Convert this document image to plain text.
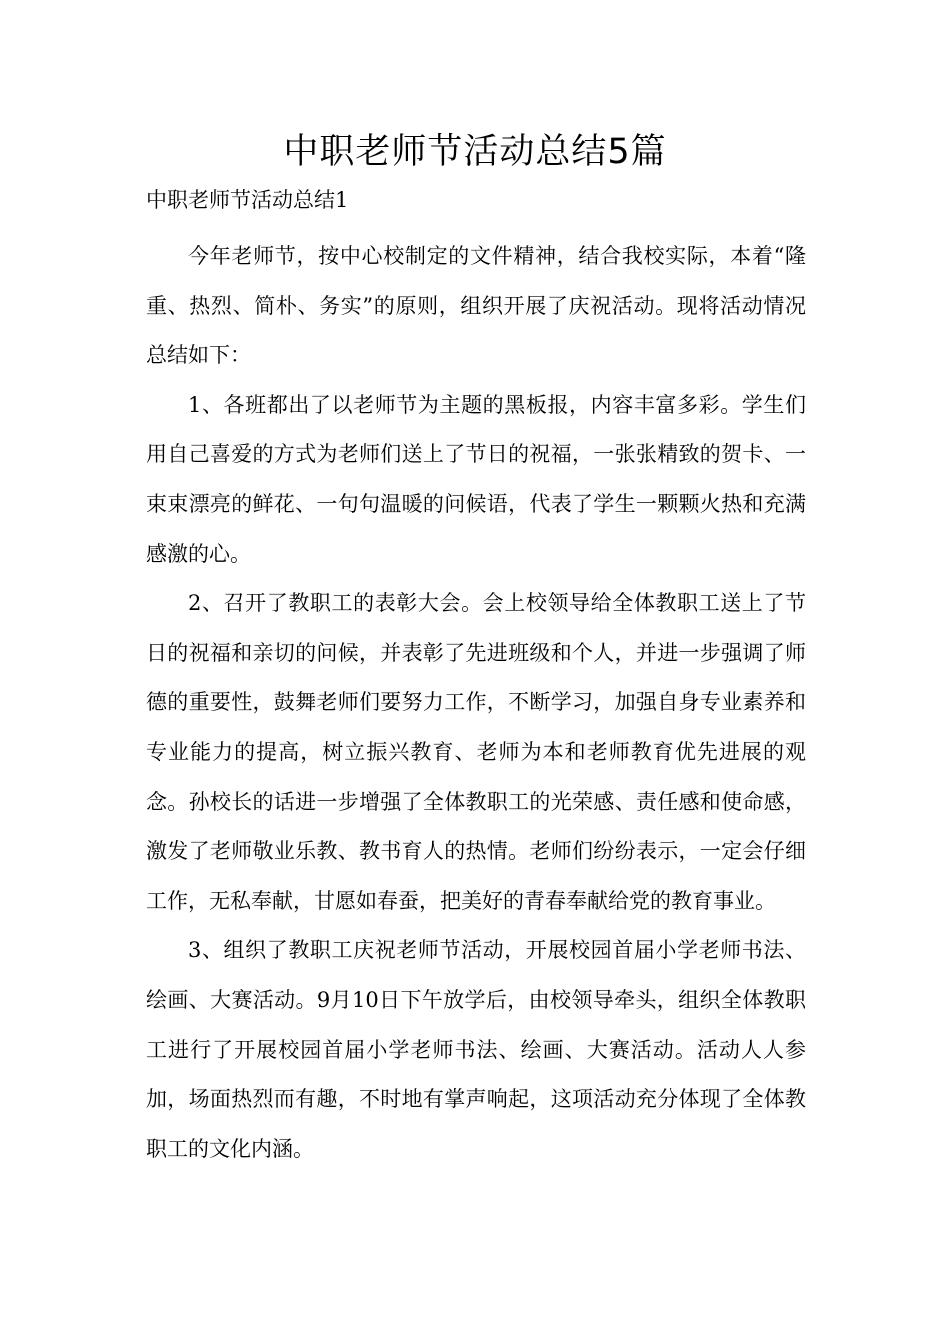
中职老师节活动总结5篇

中职老师节活动总结1

今年老师节，按中心校制定的文件精神，结合我校实际，本着“隆重、热烈、简朴、务实”的原则，组织开展了庆祝活动。现将活动情况总结如下：

1、各班都出了以老师节为主题的黑板报，内容丰富多彩。学生们用自己喜爱的方式为老师们送上了节日的祝福，一张张精致的贺卡、一束束漂亮的鲜花、一句句温暖的问候语，代表了学生一颗颗火热和充满感激的心。

2、召开了教职工的表彰大会。会上校领导给全体教职工送上了节日的祝福和亲切的问候，并表彰了先进班级和个人，并进一步强调了师德的重要性，鼓舞老师们要努力工作，不断学习，加强自身专业素养和专业能力的提高，树立振兴教育、老师为本和老师教育优先进展的观念。孙校长的话进一步增强了全体教职工的光荣感、责任感和使命感，激发了老师敬业乐教、教书育人的热情。老师们纷纷表示，一定会仔细工作，无私奉献，甘愿如春蚕，把美好的青春奉献给党的教育事业。

3、组织了教职工庆祝老师节活动，开展校园首届小学老师书法、绘画、大赛活动。9月10日下午放学后，由校领导牵头，组织全体教职工进行了开展校园首届小学老师书法、绘画、大赛活动。活动人人参加，场面热烈而有趣，不时地有掌声响起，这项活动充分体现了全体教职工的文化内涵。
